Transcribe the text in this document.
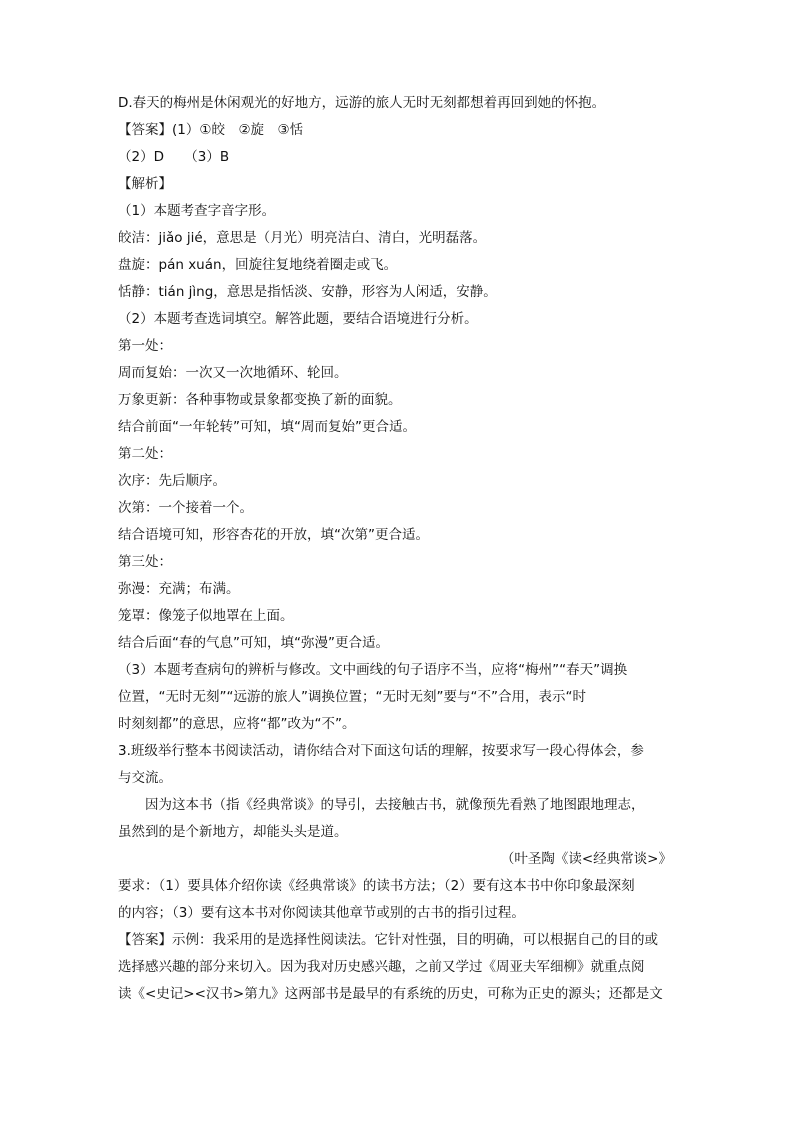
D.春天的梅州是休闲观光的好地方，远游的旅人无时无刻都想着再回到她的怀抱。

【答案】(1）①皎　②旋　③恬

（2）D　　（3）B

【解析】

（1）本题考查字音字形。

皎洁：jiǎo jié，意思是（月光）明亮洁白、清白，光明磊落。

盘旋：pán xuán，回旋往复地绕着圈走或飞。

恬静：tián jìng，意思是指恬淡、安静，形容为人闲适，安静。

（2）本题考查选词填空。解答此题，要结合语境进行分析。

第一处：

周而复始：一次又一次地循环、轮回。

万象更新：各种事物或景象都变换了新的面貌。

结合前面“一年轮转”可知，填“周而复始”更合适。

第二处：

次序：先后顺序。

次第：一个接着一个。

结合语境可知，形容杏花的开放，填“次第”更合适。

第三处：

弥漫：充满；布满。

笼罩：像笼子似地罩在上面。

结合后面“春的气息”可知，填“弥漫”更合适。

（3）本题考查病句的辨析与修改。文中画线的句子语序不当，应将“梅州”“春天”调换

位置，“无时无刻”“远游的旅人”调换位置；“无时无刻”要与“不”合用，表示“时

时刻刻都”的意思，应将“都”改为“不”。

3.班级举行整本书阅读活动，请你结合对下面这句话的理解，按要求写一段心得体会，参

与交流。

因为这本书（指《经典常谈》的导引，去接触古书，就像预先看熟了地图跟地理志，

虽然到的是个新地方，却能头头是道。

（叶圣陶《读<经典常谈>》

要求：（1）要具体介绍你读《经典常谈》的读书方法；（2）要有这本书中你印象最深刻

的内容；（3）要有这本书对你阅读其他章节或别的古书的指引过程。

【答案】示例：我采用的是选择性阅读法。它针对性强，目的明确，可以根据自己的目的或

选择感兴趣的部分来切入。因为我对历史感兴趣，之前又学过《周亚夫军细柳》就重点阅

读《<史记><汉书>第九》这两部书是最早的有系统的历史，可称为正史的源头；还都是文
